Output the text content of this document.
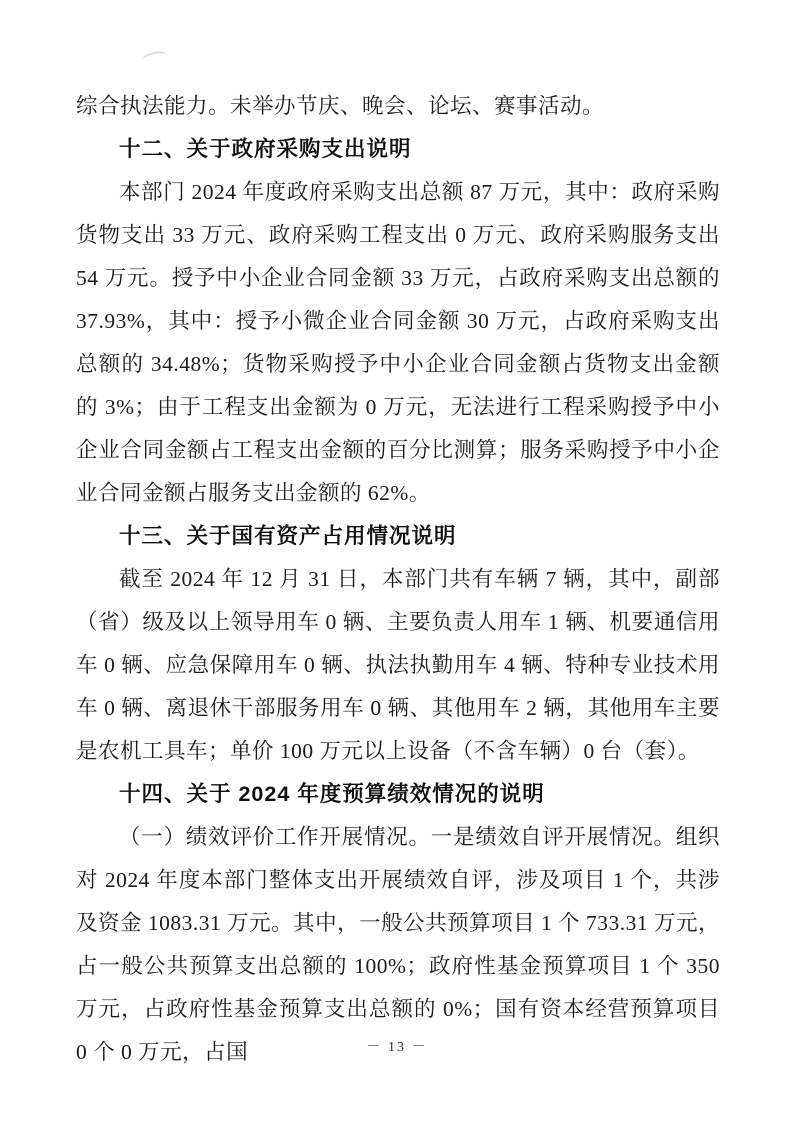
综合执法能力。未举办节庆、晚会、论坛、赛事活动。

十二、关于政府采购支出说明

本部门 2024 年度政府采购支出总额 87 万元，其中：政府采购货物支出 33 万元、政府采购工程支出 0 万元、政府采购服务支出 54 万元。授予中小企业合同金额 33 万元，占政府采购支出总额的 37.93%，其中：授予小微企业合同金额 30 万元，占政府采购支出总额的 34.48%；货物采购授予中小企业合同金额占货物支出金额的 3%；由于工程支出金额为 0 万元，无法进行工程采购授予中小企业合同金额占工程支出金额的百分比测算；服务采购授予中小企业合同金额占服务支出金额的 62%。

十三、关于国有资产占用情况说明

截至 2024 年 12 月 31 日，本部门共有车辆 7 辆，其中，副部（省）级及以上领导用车 0 辆、主要负责人用车 1 辆、机要通信用车 0 辆、应急保障用车 0 辆、执法执勤用车 4 辆、特种专业技术用车 0 辆、离退休干部服务用车 0 辆、其他用车 2 辆，其他用车主要是农机工具车；单价 100 万元以上设备（不含车辆）0 台（套）。

十四、关于 2024 年度预算绩效情况的说明

（一）绩效评价工作开展情况。一是绩效自评开展情况。组织对 2024 年度本部门整体支出开展绩效自评，涉及项目 1 个，共涉及资金 1083.31 万元。其中，一般公共预算项目 1 个 733.31 万元，占一般公共预算支出总额的 100%；政府性基金预算项目 1 个 350 万元，占政府性基金预算支出总额的 0%；国有资本经营预算项目 0 个 0 万元，占国	－ 13 －
